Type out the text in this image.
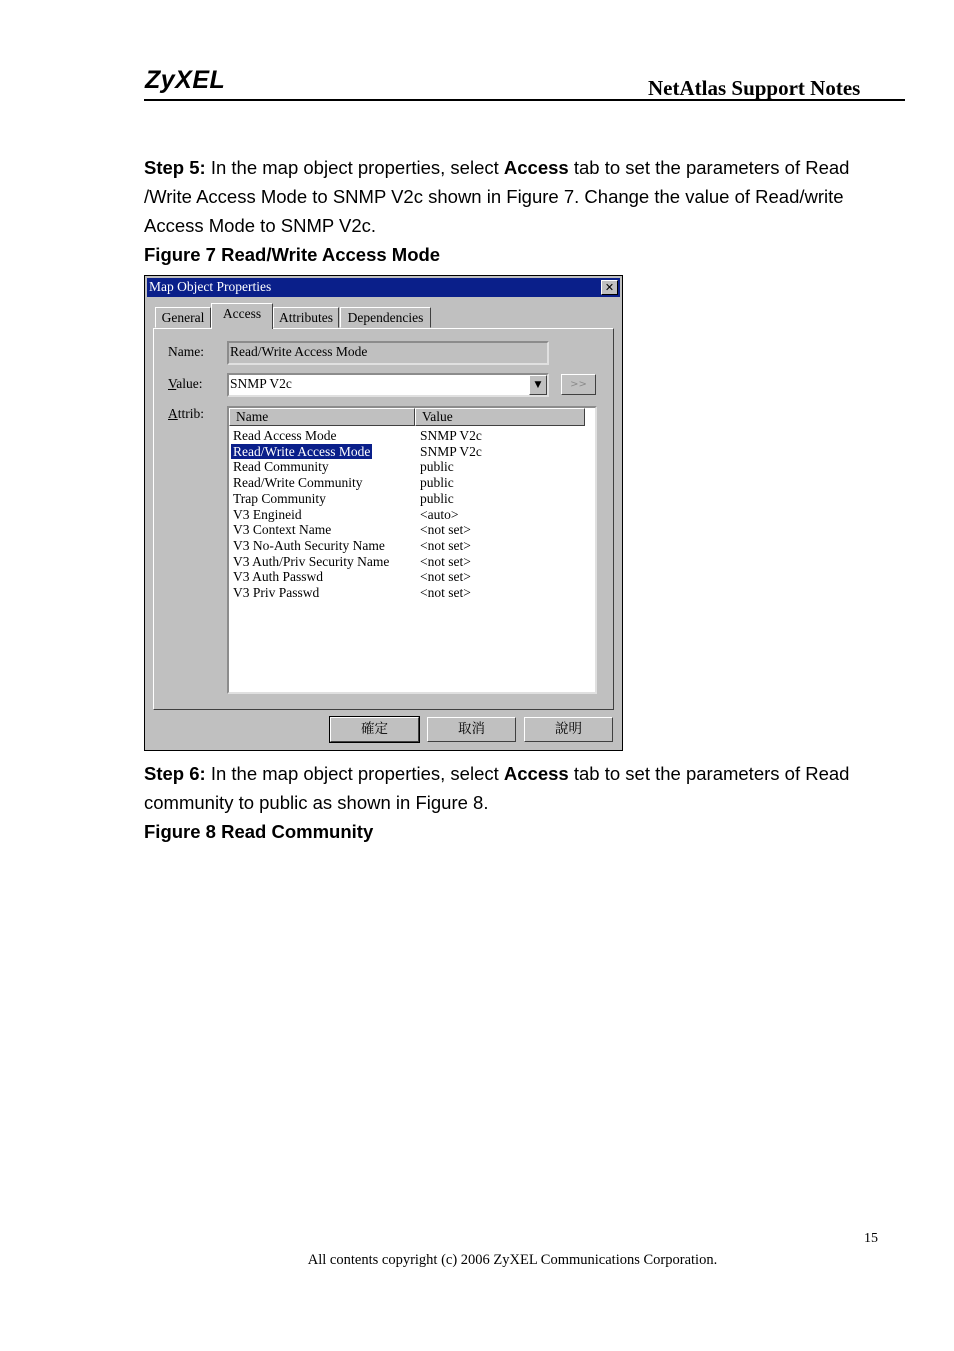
ZyXEL	NetAtlas Support Notes
Step 5: In the map object properties, select Access tab to set the parameters of Read /Write Access Mode to SNMP V2c shown in Figure 7. Change the value of Read/write Access Mode to SNMP V2c.
Figure 7 Read/Write Access Mode
Map Object Properties	✕
General	Access	Attributes	Dependencies
Name: Read/Write Access Mode
Value: SNMP V2c	▼	>>
Attrib:	Name	Value
Read Access Mode	SNMP V2c
Read/Write Access Mode	SNMP V2c
Read Community	public
Read/Write Community	public
Trap Community	public
V3 Engineid	<auto>
V3 Context Name	<not set>
V3 No-Auth Security Name	<not set>
V3 Auth/Priv Security Name <not set>
V3 Auth Passwd	<not set>
V3 Priv Passwd	<not set>
確定	取消	說明
Step 6: In the map object properties, select Access tab to set the parameters of Read community to public as shown in Figure 8.
Figure 8 Read Community
15
All contents copyright (c) 2006 ZyXEL Communications Corporation.
